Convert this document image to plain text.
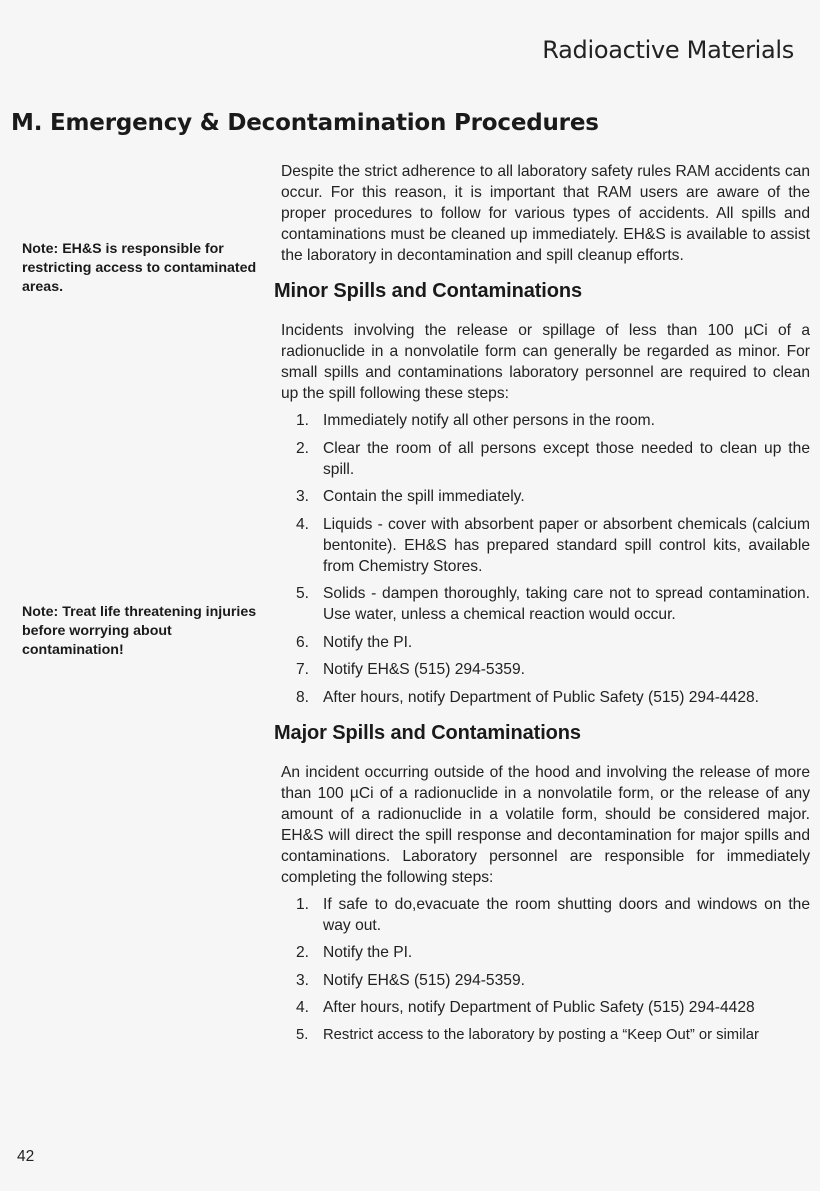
Radioactive Materials
M. Emergency & Decontamination Procedures
Note: EH&S is responsible for restricting access to contaminated areas.
Note: Treat life threatening injuries before worrying about contamination!

Despite the strict adherence to all laboratory safety rules RAM accidents can occur. For this reason, it is important that RAM users are aware of the proper procedures to follow for various types of accidents. All spills and contaminations must be cleaned up immediately. EH&S is available to assist the laboratory in decontamination and spill cleanup efforts.

Minor Spills and Contaminations

Incidents involving the release or spillage of less than 100 µCi of a radionuclide in a nonvolatile form can generally be regarded as minor. For small spills and contaminations laboratory personnel are required to clean up the spill following these steps:

1. Immediately notify all other persons in the room.
2. Clear the room of all persons except those needed to clean up the spill.
3. Contain the spill immediately.
4. Liquids - cover with absorbent paper or absorbent chemicals (calcium bentonite). EH&S has prepared standard spill control kits, available from Chemistry Stores.
5. Solids - dampen thoroughly, taking care not to spread contamination. Use water, unless a chemical reaction would occur.
6. Notify the PI.
7. Notify EH&S (515) 294-5359.
8. After hours, notify Department of Public Safety (515) 294-4428.
Major Spills and Contaminations

An incident occurring outside of the hood and involving the release of more than 100 µCi of a radionuclide in a nonvolatile form, or the release of any amount of a radionuclide in a volatile form, should be considered major. EH&S will direct the spill response and decontamination for major spills and contaminations. Laboratory personnel are responsible for immediately completing the following steps:

1. If safe to do,evacuate the room shutting doors and windows on the way out.
2. Notify the PI.
3. Notify EH&S (515) 294-5359.
4. After hours, notify Department of Public Safety (515) 294-4428
5. Restrict access to the laboratory by posting a “Keep Out” or similar
42
